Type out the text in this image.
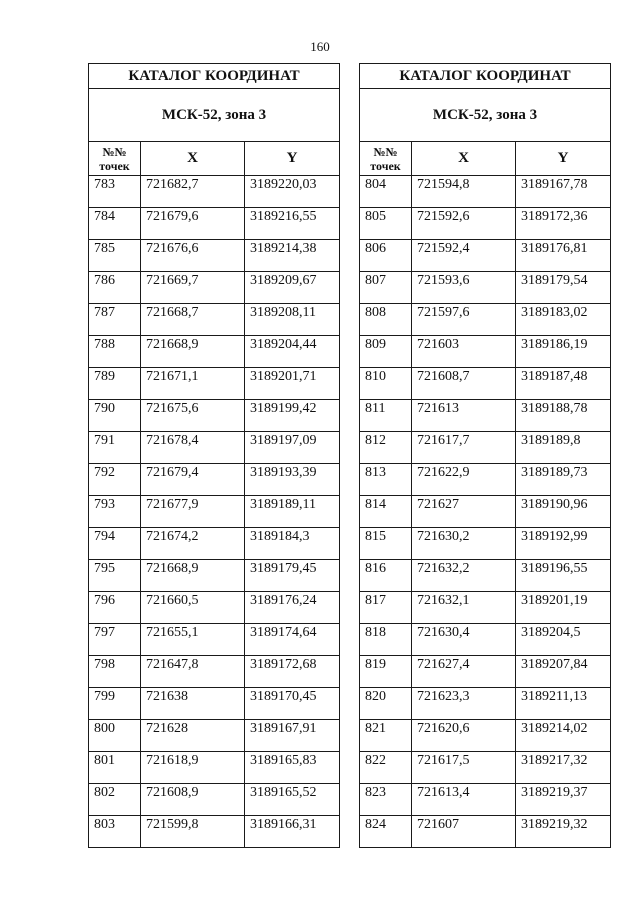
160
КАТАЛОГ КООРДИНАТ		
МСК-52, зона 3		

№№
точек	X	Y
783	721682,7	3189220,03
784	721679,6	3189216,55
785	721676,6	3189214,38
786	721669,7	3189209,67
787	721668,7	3189208,11
788	721668,9	3189204,44
789	721671,1	3189201,71
790	721675,6	3189199,42
791	721678,4	3189197,09
792	721679,4	3189193,39
793	721677,9	3189189,11
794	721674,2	3189184,3
795	721668,9	3189179,45
796	721660,5	3189176,24
797	721655,1	3189174,64
798	721647,8	3189172,68
799	721638	3189170,45
800	721628	3189167,91
801	721618,9	3189165,83
802	721608,9	3189165,52
803	721599,8	3189166,31
КАТАЛОГ КООРДИНАТ		
МСК-52, зона 3		

№№
точек	X	Y
804	721594,8	3189167,78
805	721592,6	3189172,36
806	721592,4	3189176,81
807	721593,6	3189179,54
808	721597,6	3189183,02
809	721603	3189186,19
810	721608,7	3189187,48
811	721613	3189188,78
812	721617,7	3189189,8
813	721622,9	3189189,73
814	721627	3189190,96
815	721630,2	3189192,99
816	721632,2	3189196,55
817	721632,1	3189201,19
818	721630,4	3189204,5
819	721627,4	3189207,84
820	721623,3	3189211,13
821	721620,6	3189214,02
822	721617,5	3189217,32
823	721613,4	3189219,37
824	721607	3189219,32
